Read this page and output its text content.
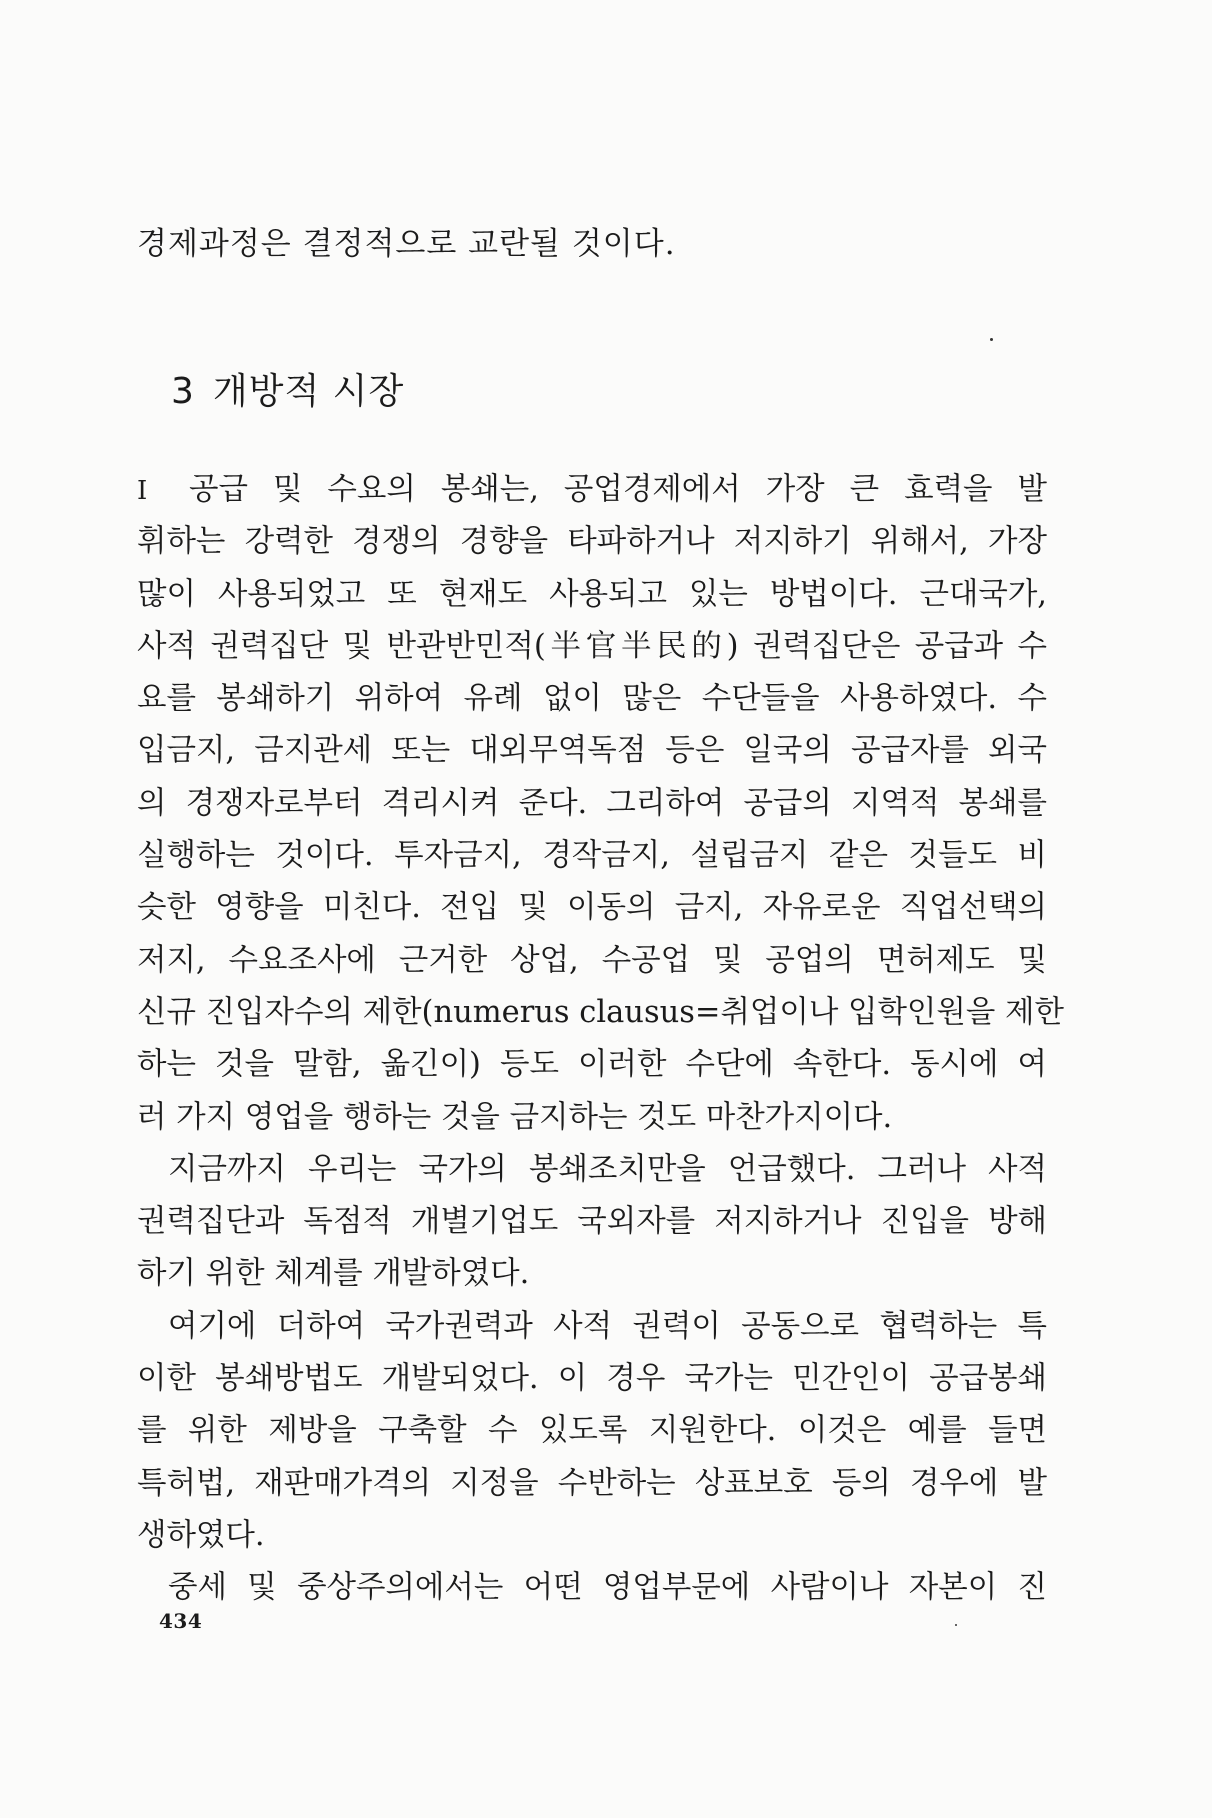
경제과정은 결정적으로 교란될 것이다.
3 개방적 시장
I 공급 및 수요의 봉쇄는, 공업경제에서 가장 큰 효력을 발
휘하는 강력한 경쟁의 경향을 타파하거나 저지하기 위해서, 가장
많이 사용되었고 또 현재도 사용되고 있는 방법이다. 근대국가,
사적 권력집단 및 반관반민적(半官半民的) 권력집단은 공급과 수
요를 봉쇄하기 위하여 유례 없이 많은 수단들을 사용하였다. 수
입금지, 금지관세 또는 대외무역독점 등은 일국의 공급자를 외국
의 경쟁자로부터 격리시켜 준다. 그리하여 공급의 지역적 봉쇄를
실행하는 것이다. 투자금지, 경작금지, 설립금지 같은 것들도 비
슷한 영향을 미친다. 전입 및 이동의 금지, 자유로운 직업선택의
저지, 수요조사에 근거한 상업, 수공업 및 공업의 면허제도 및
신규 진입자수의 제한(numerus clausus=취업이나 입학인원을 제한
하는 것을 말함, 옮긴이) 등도 이러한 수단에 속한다. 동시에 여
러 가지 영업을 행하는 것을 금지하는 것도 마찬가지이다.
지금까지 우리는 국가의 봉쇄조치만을 언급했다. 그러나 사적
권력집단과 독점적 개별기업도 국외자를 저지하거나 진입을 방해
하기 위한 체계를 개발하였다.
여기에 더하여 국가권력과 사적 권력이 공동으로 협력하는 특
이한 봉쇄방법도 개발되었다. 이 경우 국가는 민간인이 공급봉쇄
를 위한 제방을 구축할 수 있도록 지원한다. 이것은 예를 들면
특허법, 재판매가격의 지정을 수반하는 상표보호 등의 경우에 발
생하였다.
중세 및 중상주의에서는 어떤 영업부문에 사람이나 자본이 진
434
